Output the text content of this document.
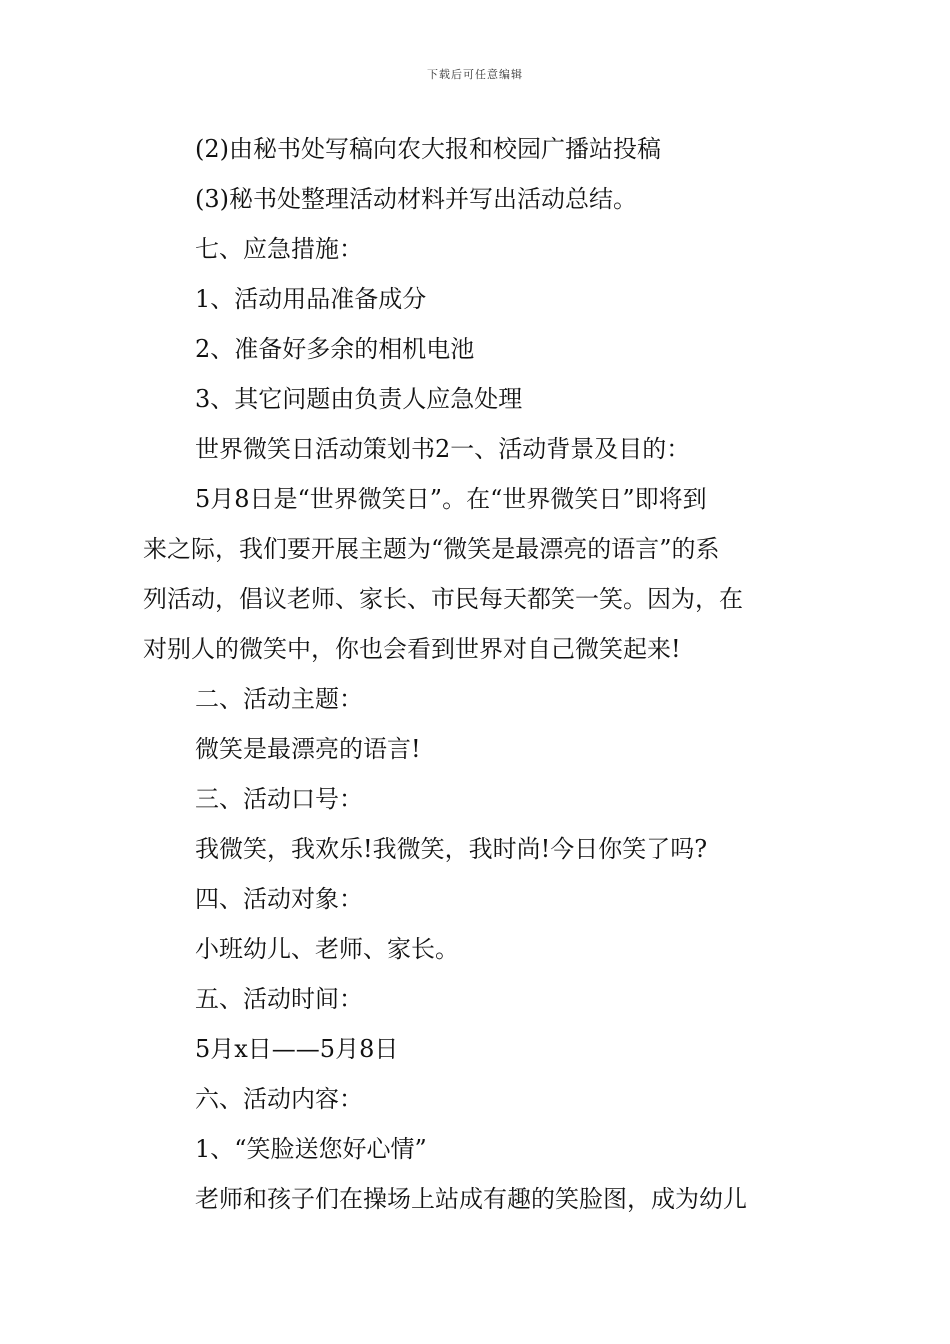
下载后可任意编辑
(2)由秘书处写稿向农大报和校园广播站投稿
(3)秘书处整理活动材料并写出活动总结。
七、应急措施：
1、活动用品准备成分
2、准备好多余的相机电池
3、其它问题由负责人应急处理
世界微笑日活动策划书2一、活动背景及目的：
5月8日是“世界微笑日”。在“世界微笑日”即将到
来之际，我们要开展主题为“微笑是最漂亮的语言”的系
列活动，倡议老师、家长、市民每天都笑一笑。因为，在
对别人的微笑中，你也会看到世界对自己微笑起来!
二、活动主题：
微笑是最漂亮的语言!
三、活动口号：
我微笑，我欢乐!我微笑，我时尚!今日你笑了吗?
四、活动对象：
小班幼儿、老师、家长。
五、活动时间：
5月x日——5月8日
六、活动内容：
1、“笑脸送您好心情”
老师和孩子们在操场上站成有趣的笑脸图，成为幼儿
